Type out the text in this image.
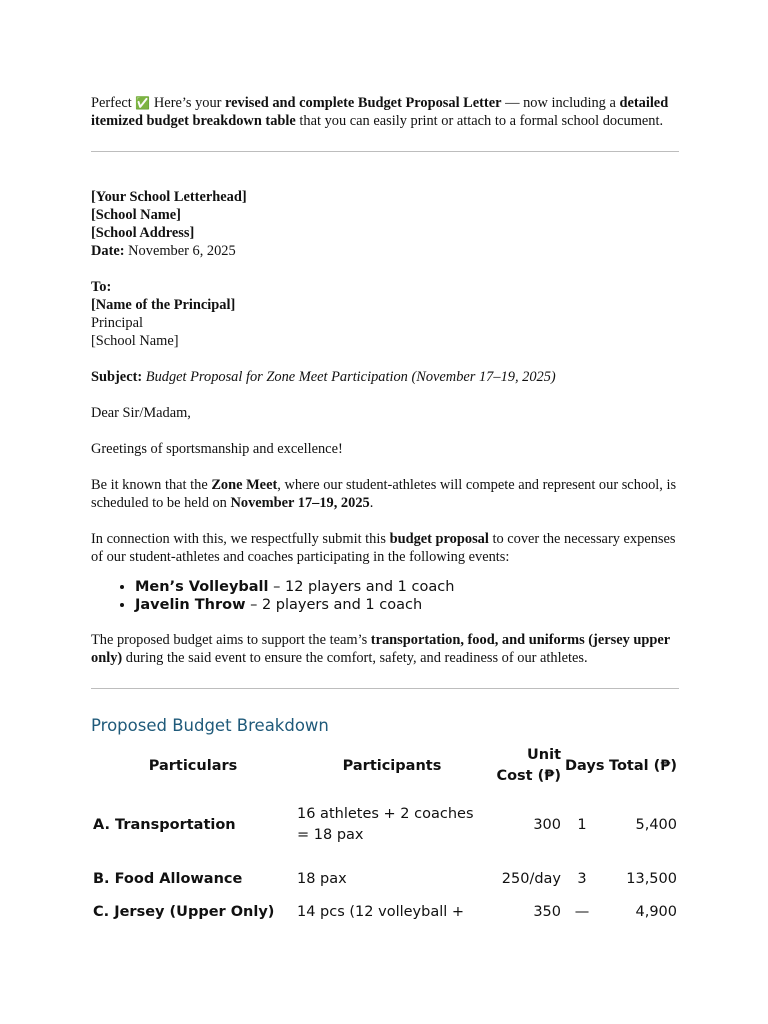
Perfect ✅ Here’s your revised and complete Budget Proposal Letter — now including a detailed itemized budget breakdown table that you can easily print or attach to a formal school document.

[Your School Letterhead]

[School Name]

[School Address]

Date: November 6, 2025

To:

[Name of the Principal]

Principal

[School Name]

Subject: Budget Proposal for Zone Meet Participation (November 17–19, 2025)

Dear Sir/Madam,

Greetings of sportsmanship and excellence!

Be it known that the Zone Meet, where our student-athletes will compete and represent our school, is scheduled to be held on November 17–19, 2025.

In connection with this, we respectfully submit this budget proposal to cover the necessary expenses of our student-athletes and coaches participating in the following events:

• Men’s Volleyball – 12 players and 1 coach
• Javelin Throw – 2 players and 1 coach

The proposed budget aims to support the team’s transportation, food, and uniforms (jersey upper only) during the said event to ensure the comfort, safety, and readiness of our athletes.

Proposed Budget Breakdown
Particulars	Participants	Unit Cost (₱)	Days	Total (₱)
A. Transportation	16 athletes + 2 coaches = 18 pax	300	1	5,400
B. Food Allowance	18 pax	250/day	3	13,500
C. Jersey (Upper Only)	14 pcs (12 volleyball +	350	—	4,900
